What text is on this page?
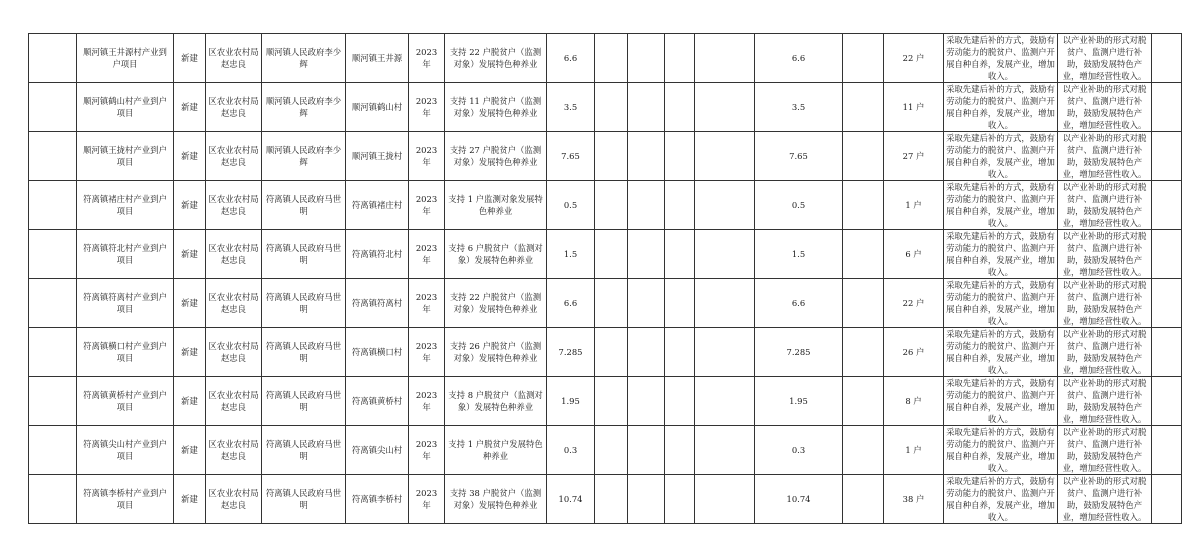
	顺河镇王井源村产业到户项目	新建	区农业农村局赵忠良	顺河镇人民政府李少辉	顺河镇王井源	2023 年	支持 22 户脱贫户（监测对象）发展特色种养业	6.6					6.6		22 户	采取先建后补的方式，鼓励有劳动能力的脱贫户、监测户开展自种自养，发展产业，增加收入。	以产业补助的形式对脱贫户、监测户进行补助，鼓励发展特色产业，增加经营性收入。	
	顺河镇鹤山村产业到户项目	新建	区农业农村局赵忠良	顺河镇人民政府李少辉	顺河镇鹤山村	2023 年	支持 11 户脱贫户（监测对象）发展特色种养业	3.5					3.5		11 户	采取先建后补的方式，鼓励有劳动能力的脱贫户、监测户开展自种自养，发展产业，增加收入。	以产业补助的形式对脱贫户、监测户进行补助，鼓励发展特色产业，增加经营性收入。	
	顺河镇王拢村产业到户项目	新建	区农业农村局赵忠良	顺河镇人民政府李少辉	顺河镇王拢村	2023 年	支持 27 户脱贫户（监测对象）发展特色种养业	7.65					7.65		27 户	采取先建后补的方式，鼓励有劳动能力的脱贫户、监测户开展自种自养，发展产业，增加收入。	以产业补助的形式对脱贫户、监测户进行补助，鼓励发展特色产业，增加经营性收入。	
	符离镇褚庄村产业到户项目	新建	区农业农村局赵忠良	符离镇人民政府马世明	符离镇褚庄村	2023 年	支持 1 户监测对象发展特色种养业	0.5					0.5		1 户	采取先建后补的方式，鼓励有劳动能力的脱贫户、监测户开展自种自养，发展产业，增加收入。	以产业补助的形式对脱贫户、监测户进行补助，鼓励发展特色产业，增加经营性收入。	
	符离镇符北村产业到户项目	新建	区农业农村局赵忠良	符离镇人民政府马世明	符离镇符北村	2023 年	支持 6 户脱贫户（监测对象）发展特色种养业	1.5					1.5		6 户	采取先建后补的方式，鼓励有劳动能力的脱贫户、监测户开展自种自养，发展产业，增加收入。	以产业补助的形式对脱贫户、监测户进行补助，鼓励发展特色产业，增加经营性收入。	
	符离镇符离村产业到户项目	新建	区农业农村局赵忠良	符离镇人民政府马世明	符离镇符离村	2023 年	支持 22 户脱贫户（监测对象）发展特色种养业	6.6					6.6		22 户	采取先建后补的方式，鼓励有劳动能力的脱贫户、监测户开展自种自养，发展产业，增加收入。	以产业补助的形式对脱贫户、监测户进行补助，鼓励发展特色产业，增加经营性收入。	
	符离镇横口村产业到户项目	新建	区农业农村局赵忠良	符离镇人民政府马世明	符离镇横口村	2023 年	支持 26 户脱贫户（监测对象）发展特色种养业	7.285					7.285		26 户	采取先建后补的方式，鼓励有劳动能力的脱贫户、监测户开展自种自养，发展产业，增加收入。	以产业补助的形式对脱贫户、监测户进行补助，鼓励发展特色产业，增加经营性收入。	
	符离镇黄桥村产业到户项目	新建	区农业农村局赵忠良	符离镇人民政府马世明	符离镇黄桥村	2023 年	支持 8 户脱贫户（监测对象）发展特色种养业	1.95					1.95		8 户	采取先建后补的方式，鼓励有劳动能力的脱贫户、监测户开展自种自养，发展产业，增加收入。	以产业补助的形式对脱贫户、监测户进行补助，鼓励发展特色产业，增加经营性收入。	
	符离镇尖山村产业到户项目	新建	区农业农村局赵忠良	符离镇人民政府马世明	符离镇尖山村	2023 年	支持 1 户脱贫户发展特色种养业	0.3					0.3		1 户	采取先建后补的方式，鼓励有劳动能力的脱贫户、监测户开展自种自养，发展产业，增加收入。	以产业补助的形式对脱贫户、监测户进行补助，鼓励发展特色产业，增加经营性收入。	
	符离镇李桥村产业到户项目	新建	区农业农村局赵忠良	符离镇人民政府马世明	符离镇李桥村	2023 年	支持 38 户脱贫户（监测对象）发展特色种养业	10.74					10.74		38 户	采取先建后补的方式，鼓励有劳动能力的脱贫户、监测户开展自种自养，发展产业，增加收入。	以产业补助的形式对脱贫户、监测户进行补助，鼓励发展特色产业，增加经营性收入。	
